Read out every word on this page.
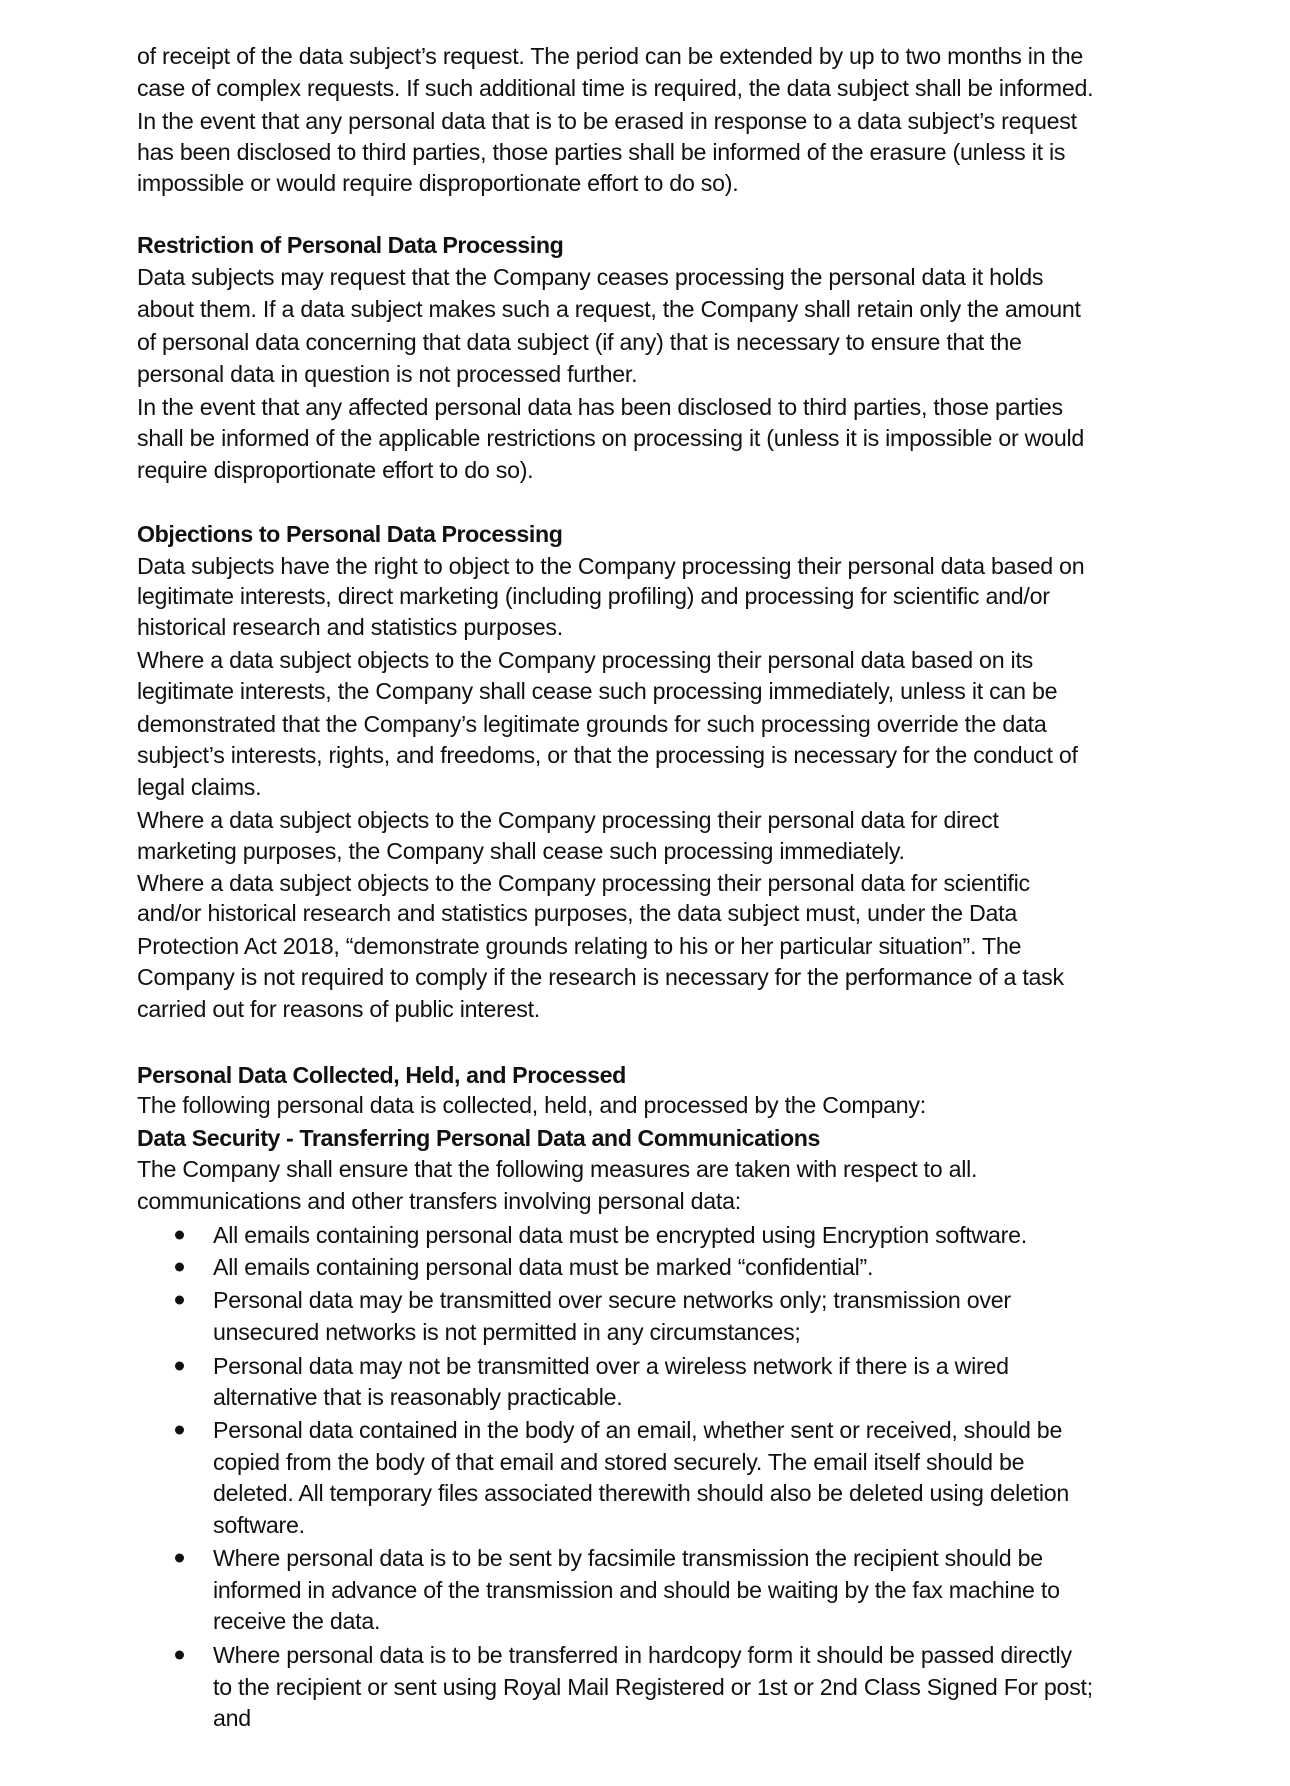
of receipt of the data subject’s request. The period can be extended by up to two months in the
case of complex requests. If such additional time is required, the data subject shall be informed.
In the event that any personal data that is to be erased in response to a data subject’s request
has been disclosed to third parties, those parties shall be informed of the erasure (unless it is
impossible or would require disproportionate effort to do so).
Restriction of Personal Data Processing
Data subjects may request that the Company ceases processing the personal data it holds
about them. If a data subject makes such a request, the Company shall retain only the amount
of personal data concerning that data subject (if any) that is necessary to ensure that the
personal data in question is not processed further.
In the event that any affected personal data has been disclosed to third parties, those parties
shall be informed of the applicable restrictions on processing it (unless it is impossible or would
require disproportionate effort to do so).
Objections to Personal Data Processing
Data subjects have the right to object to the Company processing their personal data based on
legitimate interests, direct marketing (including profiling) and processing for scientific and/or
historical research and statistics purposes.
Where a data subject objects to the Company processing their personal data based on its
legitimate interests, the Company shall cease such processing immediately, unless it can be
demonstrated that the Company’s legitimate grounds for such processing override the data
subject’s interests, rights, and freedoms, or that the processing is necessary for the conduct of
legal claims.
Where a data subject objects to the Company processing their personal data for direct
marketing purposes, the Company shall cease such processing immediately.
Where a data subject objects to the Company processing their personal data for scientific
and/or historical research and statistics purposes, the data subject must, under the Data
Protection Act 2018, “demonstrate grounds relating to his or her particular situation”. The
Company is not required to comply if the research is necessary for the performance of a task
carried out for reasons of public interest.
Personal Data Collected, Held, and Processed
The following personal data is collected, held, and processed by the Company:
Data Security - Transferring Personal Data and Communications
The Company shall ensure that the following measures are taken with respect to all.
communications and other transfers involving personal data:
All emails containing personal data must be encrypted using Encryption software.
All emails containing personal data must be marked “confidential”.
Personal data may be transmitted over secure networks only; transmission over
unsecured networks is not permitted in any circumstances;
Personal data may not be transmitted over a wireless network if there is a wired
alternative that is reasonably practicable.
Personal data contained in the body of an email, whether sent or received, should be
copied from the body of that email and stored securely. The email itself should be
deleted. All temporary files associated therewith should also be deleted using deletion
software.
Where personal data is to be sent by facsimile transmission the recipient should be
informed in advance of the transmission and should be waiting by the fax machine to
receive the data.
Where personal data is to be transferred in hardcopy form it should be passed directly
to the recipient or sent using Royal Mail Registered or 1st or 2nd Class Signed For post;
and
